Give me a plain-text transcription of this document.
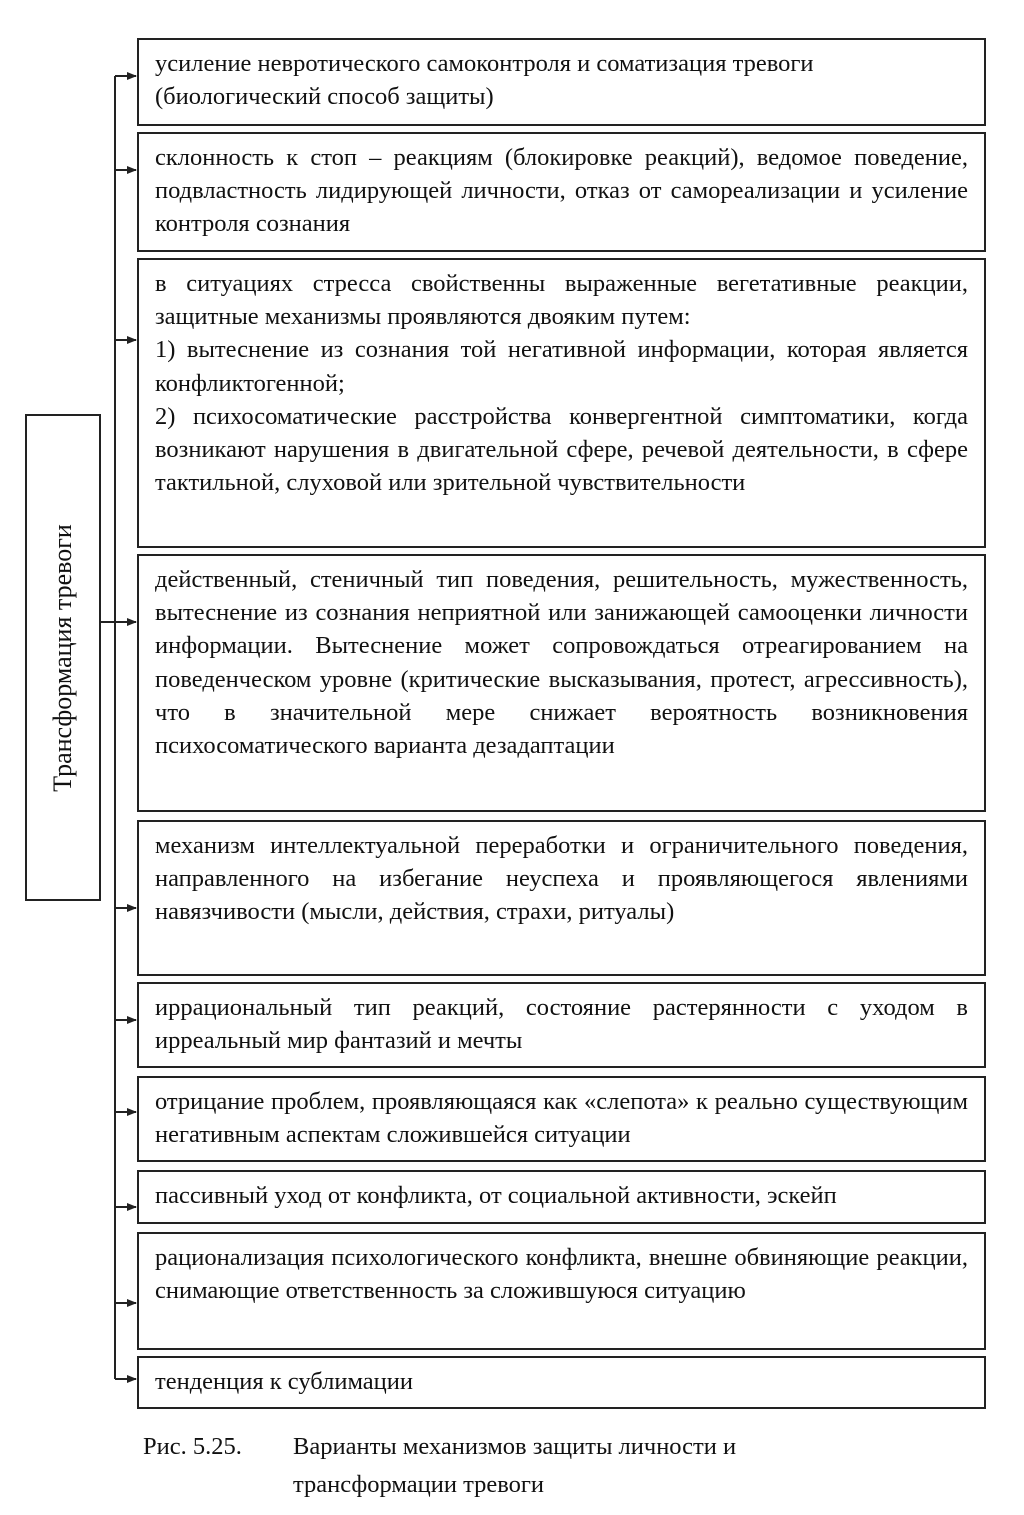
Трансформация тревоги
усиление невротического самоконтроля и соматизация тревоги
(биологический способ защиты)
склонность к стоп – реакциям (блокировке реакций), ведомое поведение, подвластность лидирующей личности, отказ от самореализации и усиление контроля сознания
в ситуациях стресса свойственны выраженные вегетативные реакции, защитные механизмы проявляются двояким путем:
1) вытеснение из сознания той негативной информации, которая является конфликтогенной;
2) психосоматические расстройства конвергентной симптоматики, когда возникают нарушения в двигательной сфере, речевой деятельности, в сфере тактильной, слуховой или зрительной чувствительности
действенный, стеничный тип поведения, решительность, мужественность, вытеснение из сознания неприятной или занижающей самооценки личности информации. Вытеснение может сопровождаться отреагированием на поведенческом уровне (критические высказывания, протест, агрессивность), что в значительной мере снижает вероятность возникновения психосоматического варианта дезадаптации
механизм интеллектуальной переработки и ограничительного поведения, направленного на избегание неуспеха и проявляющегося явлениями навязчивости (мысли, действия, страхи, ритуалы)
иррациональный тип реакций, состояние растерянности с уходом в ирреальный мир фантазий и мечты
отрицание проблем, проявляющаяся как «слепота» к реально существующим негативным аспектам сложившейся ситуации
пассивный уход от конфликта, от социальной активности, эскейп
рационализация психологического конфликта, внешне обвиняющие реакции, снимающие ответственность за сложившуюся ситуацию
тенденция к сублимации
Рис. 5.25. Варианты механизмов защиты личности и
трансформации тревоги
